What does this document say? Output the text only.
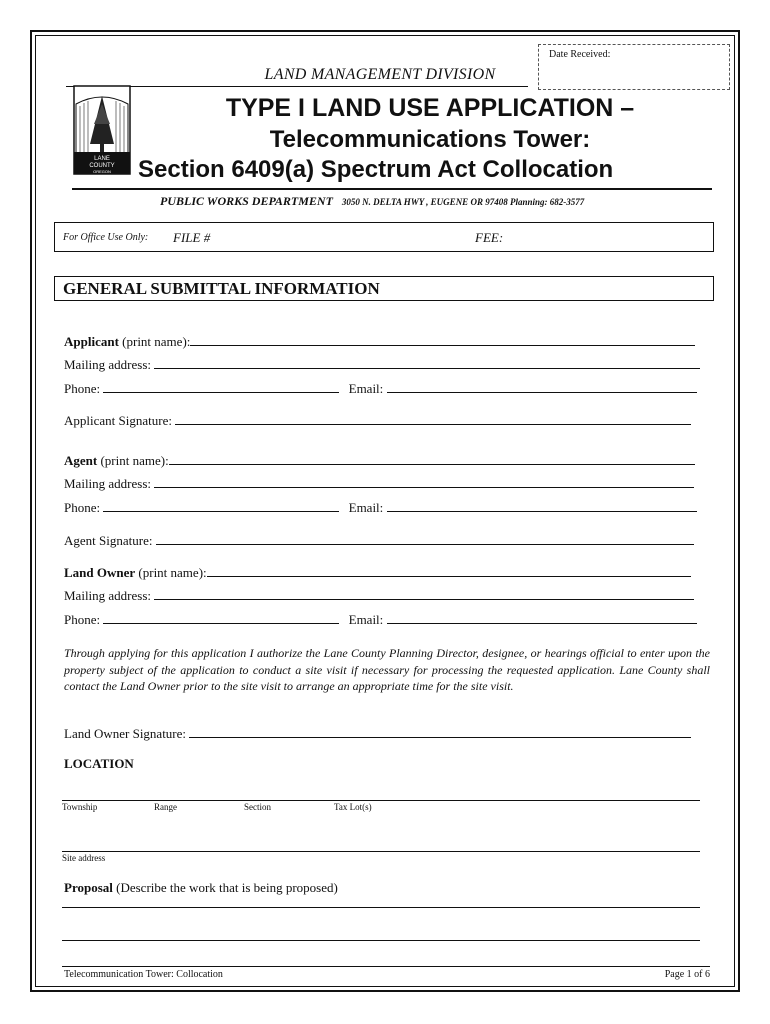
Date Received:
LAND MANAGEMENT DIVISION
LANE
COUNTY
OREGON
TYPE I LAND USE APPLICATION –
Telecommunications Tower:
Section 6409(a) Spectrum Act Collocation
PUBLIC WORKS DEPARTMENT 3050 N. DELTA HWY , EUGENE OR 97408 Planning: 682-3577
For Office Use Only: FILE #	FEE:
GENERAL SUBMITTAL INFORMATION
Applicant (print name):
Mailing address:
Phone:	Email:
Applicant Signature:
Agent (print name):
Mailing address:
Phone:	Email:
Agent Signature:
Land Owner (print name):
Mailing address:
Phone:	Email:
Through applying for this application I authorize the Lane County Planning Director, designee, or hearings official to enter upon the property subject of the application to conduct a site visit if necessary for processing the requested application. Lane County shall contact the Land Owner prior to the site visit to arrange an appropriate time for the site visit.
Land Owner Signature:
LOCATION
Township	Range	Section	Tax Lot(s)
Site address
Proposal (Describe the work that is being proposed)
Telecommunication Tower: Collocation	Page 1 of 6
